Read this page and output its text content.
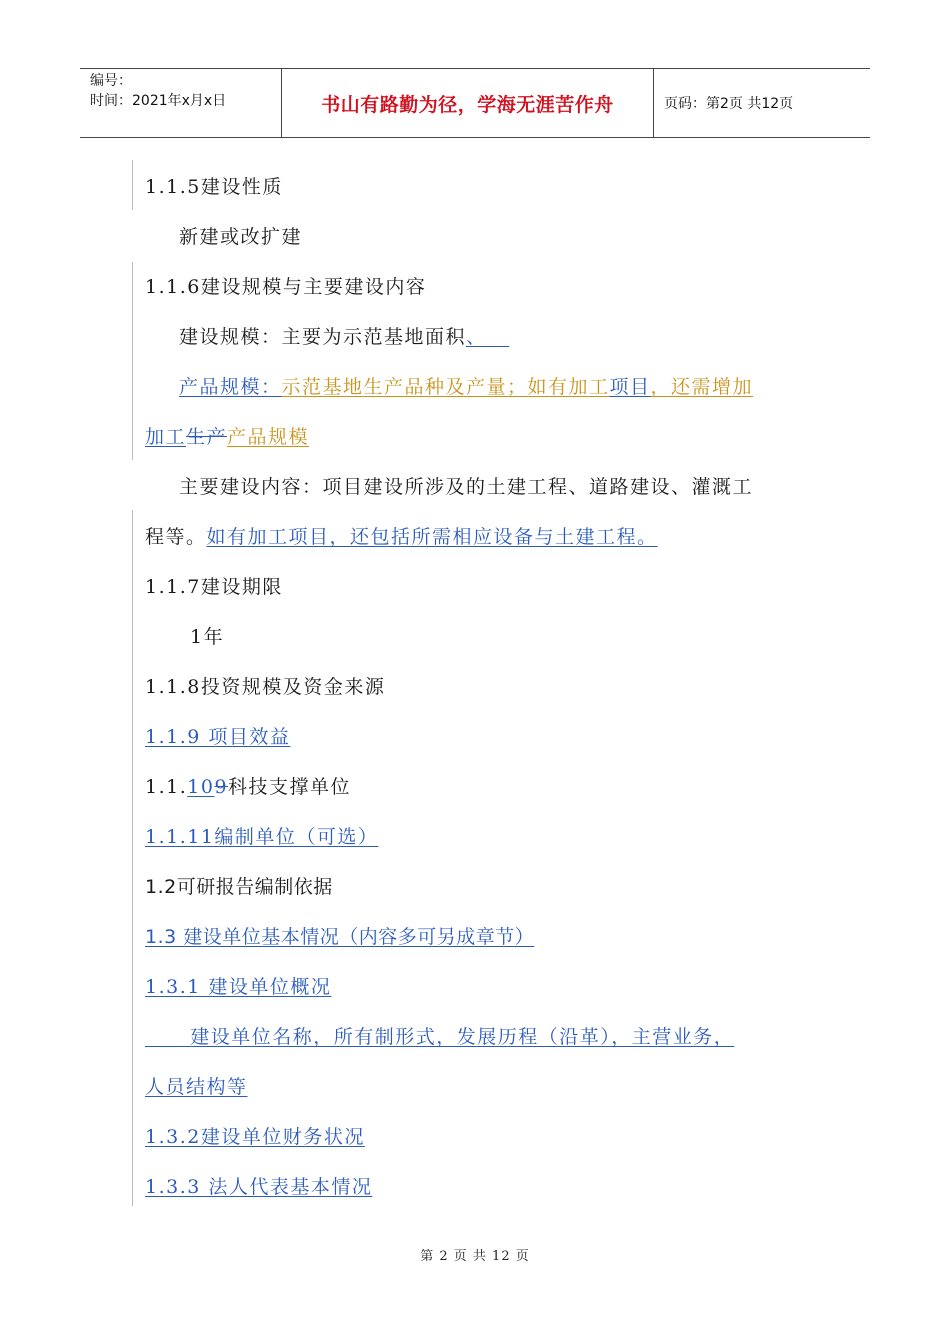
编号：
时间：2021年x月x日	书山有路勤为径，学海无涯苦作舟	页码：第2页 共12页
1.1.5建设性质
新建或改扩建
1.1.6建设规模与主要建设内容
建设规模：主要为示范基地面积、
产品规模：示范基地生产品种及产量；如有加工项目，还需增加
加工生产产品规模
主要建设内容：项目建设所涉及的土建工程、道路建设、灌溉工
程等。如有加工项目，还包括所需相应设备与土建工程。
1.1.7建设期限
1年
1.1.8投资规模及资金来源
1.1.9 项目效益
1.1.109科技支撑单位
1.1.11编制单位（可选）
1.2可研报告编制依据
1.3 建设单位基本情况（内容多可另成章节）
1.3.1 建设单位概况
建设单位名称，所有制形式，发展历程（沿革），主营业务，
人员结构等
1.3.2建设单位财务状况
1.3.3 法人代表基本情况
第 2 页 共 12 页
